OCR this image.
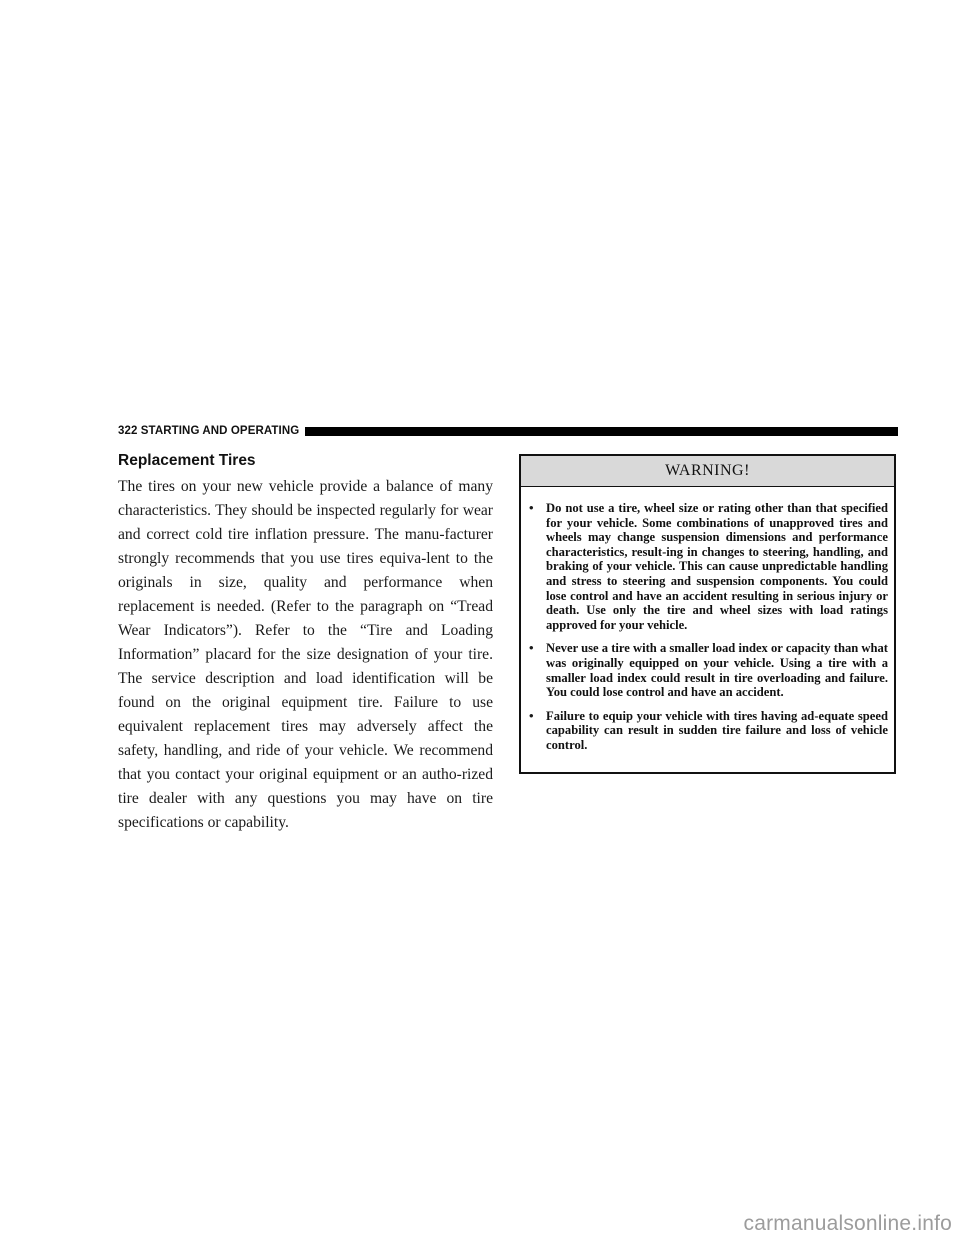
322 STARTING AND OPERATING
Replacement Tires

The tires on your new vehicle provide a balance of many characteristics. They should be inspected regularly for wear and correct cold tire inflation pressure. The manu-facturer strongly recommends that you use tires equiva-lent to the originals in size, quality and performance when replacement is needed. (Refer to the paragraph on “Tread Wear Indicators”). Refer to the “Tire and Loading Information” placard for the size designation of your tire. The service description and load identification will be found on the original equipment tire. Failure to use equivalent replacement tires may adversely affect the safety, handling, and ride of your vehicle. We recommend that you contact your original equipment or an autho-rized tire dealer with any questions you may have on tire specifications or capability.

WARNING!
• Do not use a tire, wheel size or rating other than that specified for your vehicle. Some combinations of unapproved tires and wheels may change suspension dimensions and performance characteristics, result-ing in changes to steering, handling, and braking of your vehicle. This can cause unpredictable handling and stress to steering and suspension components. You could lose control and have an accident resulting in serious injury or death. Use only the tire and wheel sizes with load ratings approved for your vehicle.
• Never use a tire with a smaller load index or capacity than what was originally equipped on your vehicle. Using a tire with a smaller load index could result in tire overloading and failure. You could lose control and have an accident.
• Failure to equip your vehicle with tires having ad-equate speed capability can result in sudden tire failure and loss of vehicle control.
carmanualsonline.info
